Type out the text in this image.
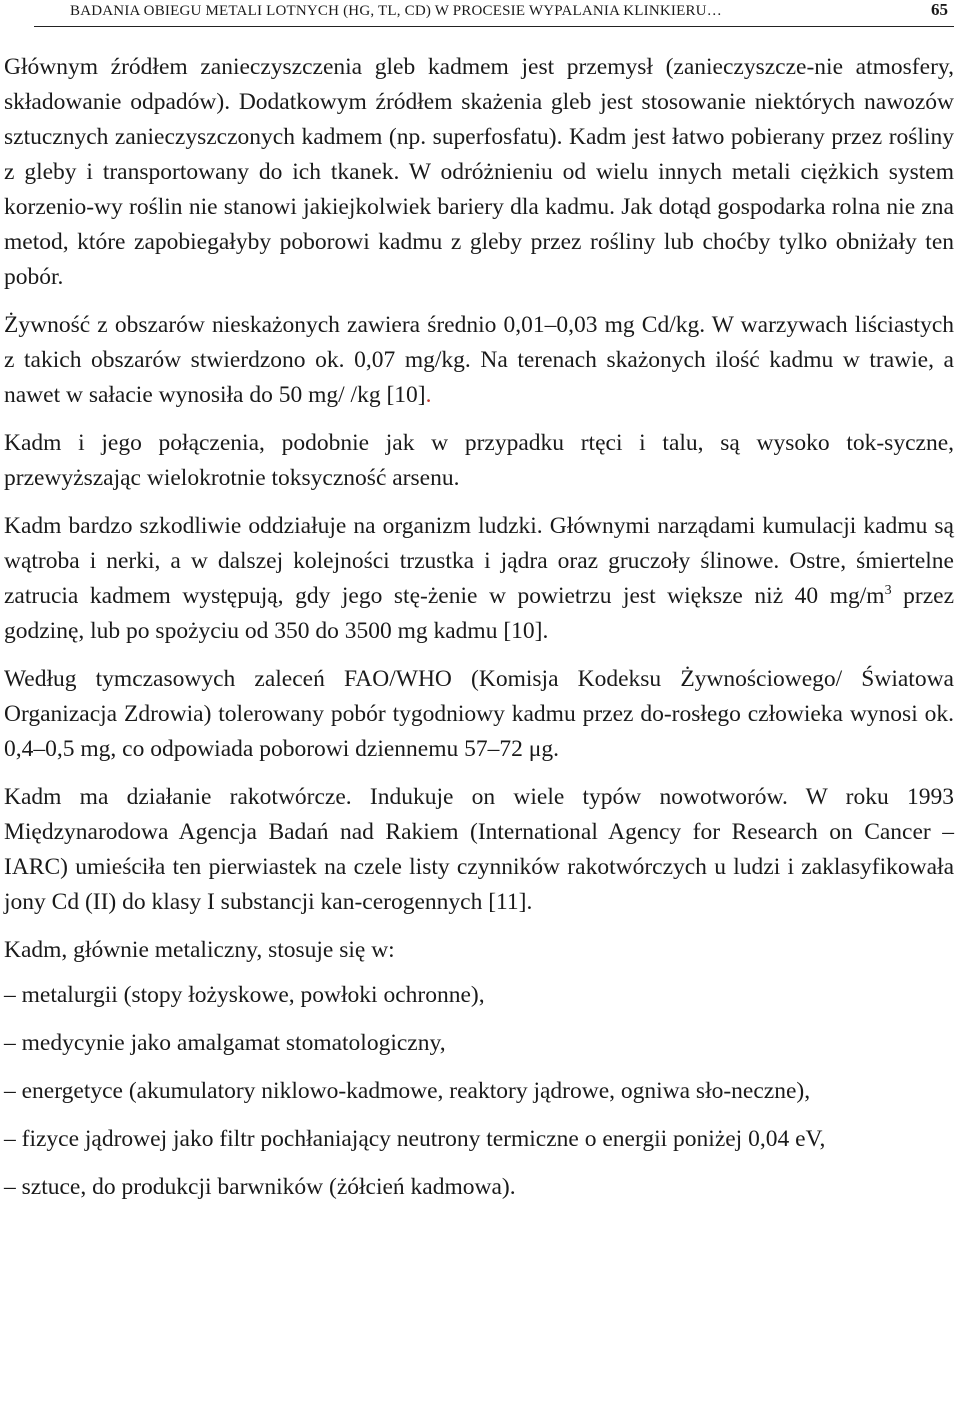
BADANIA OBIEGU METALI LOTNYCH (HG, TL, CD) W PROCESIE WYPALANIA KLINKIERU…	65

Głównym źródłem zanieczyszczenia gleb kadmem jest przemysł (zanieczyszcze-nie atmosfery, składowanie odpadów). Dodatkowym źródłem skażenia gleb jest stosowanie niektórych nawozów sztucznych zanieczyszczonych kadmem (np. superfosfatu). Kadm jest łatwo pobierany przez rośliny z gleby i transportowany do ich tkanek. W odróżnieniu od wielu innych metali ciężkich system korzenio-wy roślin nie stanowi jakiejkolwiek bariery dla kadmu. Jak dotąd gospodarka rolna nie zna metod, które zapobiegałyby poborowi kadmu z gleby przez rośliny lub choćby tylko obniżały ten pobór.

Żywność z obszarów nieskażonych zawiera średnio 0,01–0,03 mg Cd/kg. W warzywach liściastych z takich obszarów stwierdzono ok. 0,07 mg/kg. Na terenach skażonych ilość kadmu w trawie, a nawet w sałacie wynosiła do 50 mg/ /kg [10].

Kadm i jego połączenia, podobnie jak w przypadku rtęci i talu, są wysoko tok-syczne, przewyższając wielokrotnie toksyczność arsenu.

Kadm bardzo szkodliwie oddziałuje na organizm ludzki. Głównymi narządami kumulacji kadmu są wątroba i nerki, a w dalszej kolejności trzustka i jądra oraz gruczoły ślinowe. Ostre, śmiertelne zatrucia kadmem występują, gdy jego stę-żenie w powietrzu jest większe niż 40 $mg/m^3$ przez godzinę, lub po spożyciu od 350 do 3500 mg kadmu [10].

Według tymczasowych zaleceń FAO/WHO (Komisja Kodeksu Żywnościowego/ Światowa Organizacja Zdrowia) tolerowany pobór tygodniowy kadmu przez do-rosłego człowieka wynosi ok. 0,4–0,5 mg, co odpowiada poborowi dziennemu 57–72 μg.

Kadm ma działanie rakotwórcze. Indukuje on wiele typów nowotworów. W roku 1993 Międzynarodowa Agencja Badań nad Rakiem (International Agency for Research on Cancer – IARC) umieściła ten pierwiastek na czele listy czynników rakotwórczych u ludzi i zaklasyfikowała jony Cd (II) do klasy I substancji kan-cerogennych [11].

Kadm, głównie metaliczny, stosuje się w:

– metalurgii (stopy łożyskowe, powłoki ochronne),

– medycynie jako amalgamat stomatologiczny,

– energetyce (akumulatory niklowo-kadmowe, reaktory jądrowe, ogniwa sło-neczne),

– fizyce jądrowej jako filtr pochłaniający neutrony termiczne o energii poniżej 0,04 eV,

– sztuce, do produkcji barwników (żółcień kadmowa).
